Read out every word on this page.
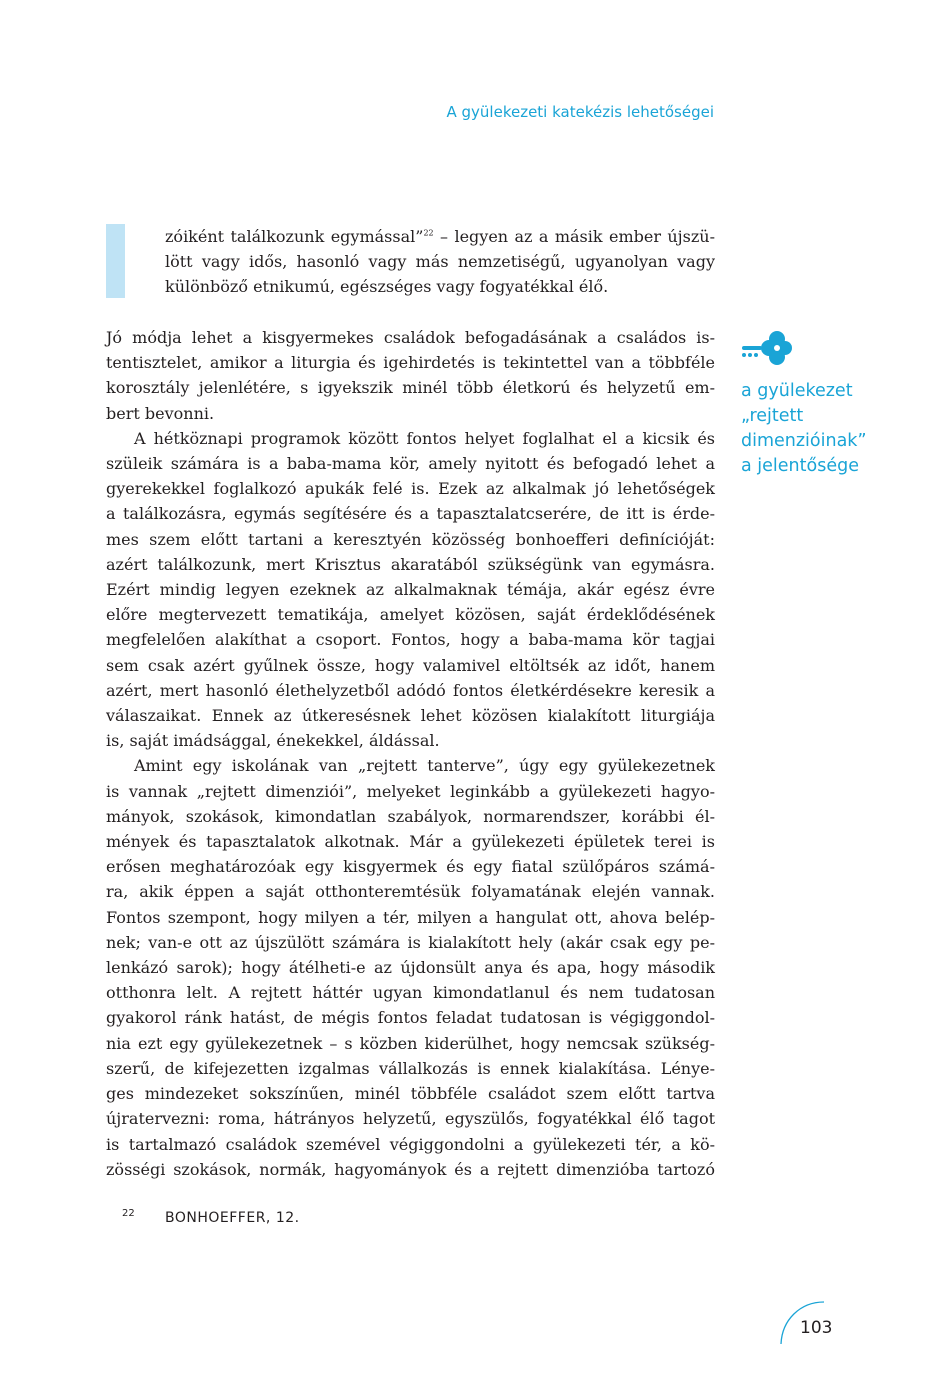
A gyülekezeti katekézis lehetőségei
zóiként találkozunk egymással”$^{22}$ – legyen az a másik ember újszü-
lött vagy idős, hasonló vagy más nemzetiségű, ugyanolyan vagy
különböző etnikumú, egészséges vagy fogyatékkal élő.
Jó módja lehet a kisgyermekes családok befogadásának a családos is-
tentisztelet, amikor a liturgia és igehirdetés is tekintettel van a többféle
korosztály jelenlétére, s igyekszik minél több életkorú és helyzetű em-
bert bevonni.
A hétköznapi programok között fontos helyet foglalhat el a kicsik és
szüleik számára is a baba-mama kör, amely nyitott és befogadó lehet a
gyerekekkel foglalkozó apukák felé is. Ezek az alkalmak jó lehetőségek
a találkozásra, egymás segítésére és a tapasztalatcserére, de itt is érde-
mes szem előtt tartani a keresztyén közösség bonhoefferi definícióját:
azért találkozunk, mert Krisztus akaratából szükségünk van egymásra.
Ezért mindig legyen ezeknek az alkalmaknak témája, akár egész évre
előre megtervezett tematikája, amelyet közösen, saját érdeklődésének
megfelelően alakíthat a csoport. Fontos, hogy a baba-mama kör tagjai
sem csak azért gyűlnek össze, hogy valamivel eltöltsék az időt, hanem
azért, mert hasonló élethelyzetből adódó fontos életkérdésekre keresik a
válaszaikat. Ennek az útkeresésnek lehet közösen kialakított liturgiája
is, saját imádsággal, énekekkel, áldással.
Amint egy iskolának van „rejtett tanterve”, úgy egy gyülekezetnek
is vannak „rejtett dimenziói”, melyeket leginkább a gyülekezeti hagyo-
mányok, szokások, kimondatlan szabályok, normarendszer, korábbi él-
mények és tapasztalatok alkotnak. Már a gyülekezeti épületek terei is
erősen meghatározóak egy kisgyermek és egy fiatal szülőpáros számá-
ra, akik éppen a saját otthonteremtésük folyamatának elején vannak.
Fontos szempont, hogy milyen a tér, milyen a hangulat ott, ahova belép-
nek; van-e ott az újszülött számára is kialakított hely (akár csak egy pe-
lenkázó sarok); hogy átélheti-e az újdonsült anya és apa, hogy második
otthonra lelt. A rejtett háttér ugyan kimondatlanul és nem tudatosan
gyakorol ránk hatást, de mégis fontos feladat tudatosan is végiggondol-
nia ezt egy gyülekezetnek – s közben kiderülhet, hogy nemcsak szükség-
szerű, de kifejezetten izgalmas vállalkozás is ennek kialakítása. Lénye-
ges mindezeket sokszínűen, minél többféle családot szem előtt tartva
újratervezni: roma, hátrányos helyzetű, egyszülős, fogyatékkal élő tagot
is tartalmazó családok szemével végiggondolni a gyülekezeti tér, a kö-
zösségi szokások, normák, hagyományok és a rejtett dimenzióba tartozó
a gyülekezet
„rejtett
dimenzióinak”
a jelentősége
22 BONHOEFFER, 12.
103
